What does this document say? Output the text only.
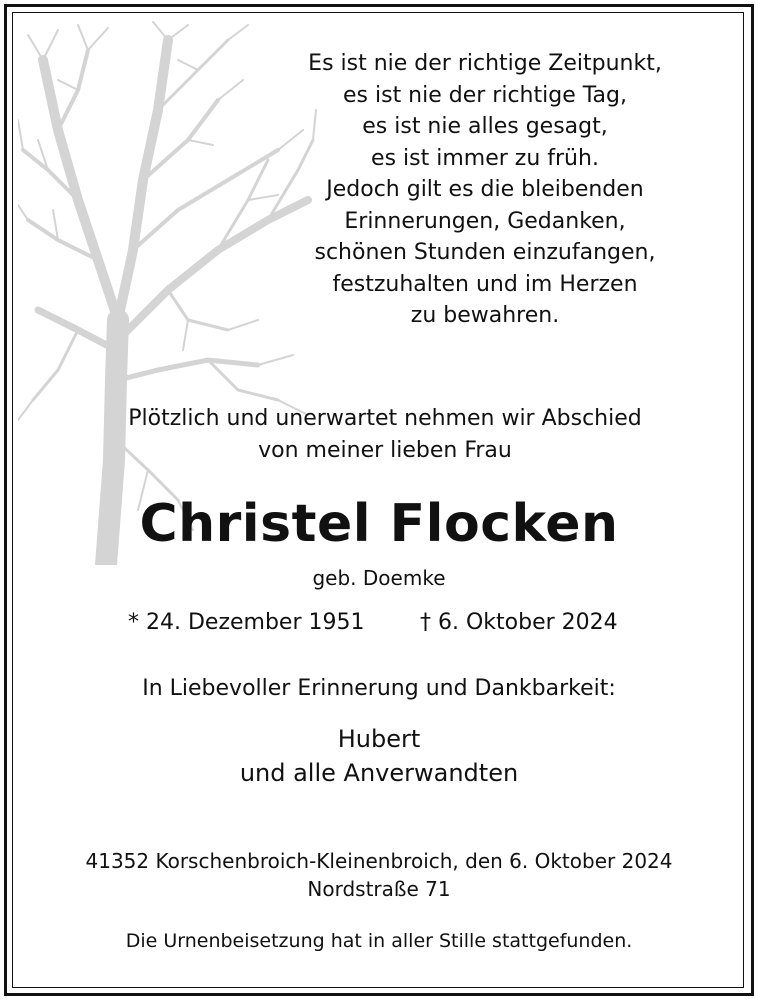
Es ist nie der richtige Zeitpunkt,
es ist nie der richtige Tag,
es ist nie alles gesagt,
es ist immer zu früh.
Jedoch gilt es die bleibenden
Erinnerungen, Gedanken,
schönen Stunden einzufangen,
festzuhalten und im Herzen
zu bewahren.
Plötzlich und unerwartet nehmen wir Abschied
von meiner lieben Frau
Christel Flocken
geb. Doemke
* 24. Dezember 1951	† 6. Oktober 2024
In Liebevoller Erinnerung und Dankbarkeit:
Hubert
und alle Anverwandten
41352 Korschenbroich-Kleinenbroich, den 6. Oktober 2024
Nordstraße 71
Die Urnenbeisetzung hat in aller Stille stattgefunden.
